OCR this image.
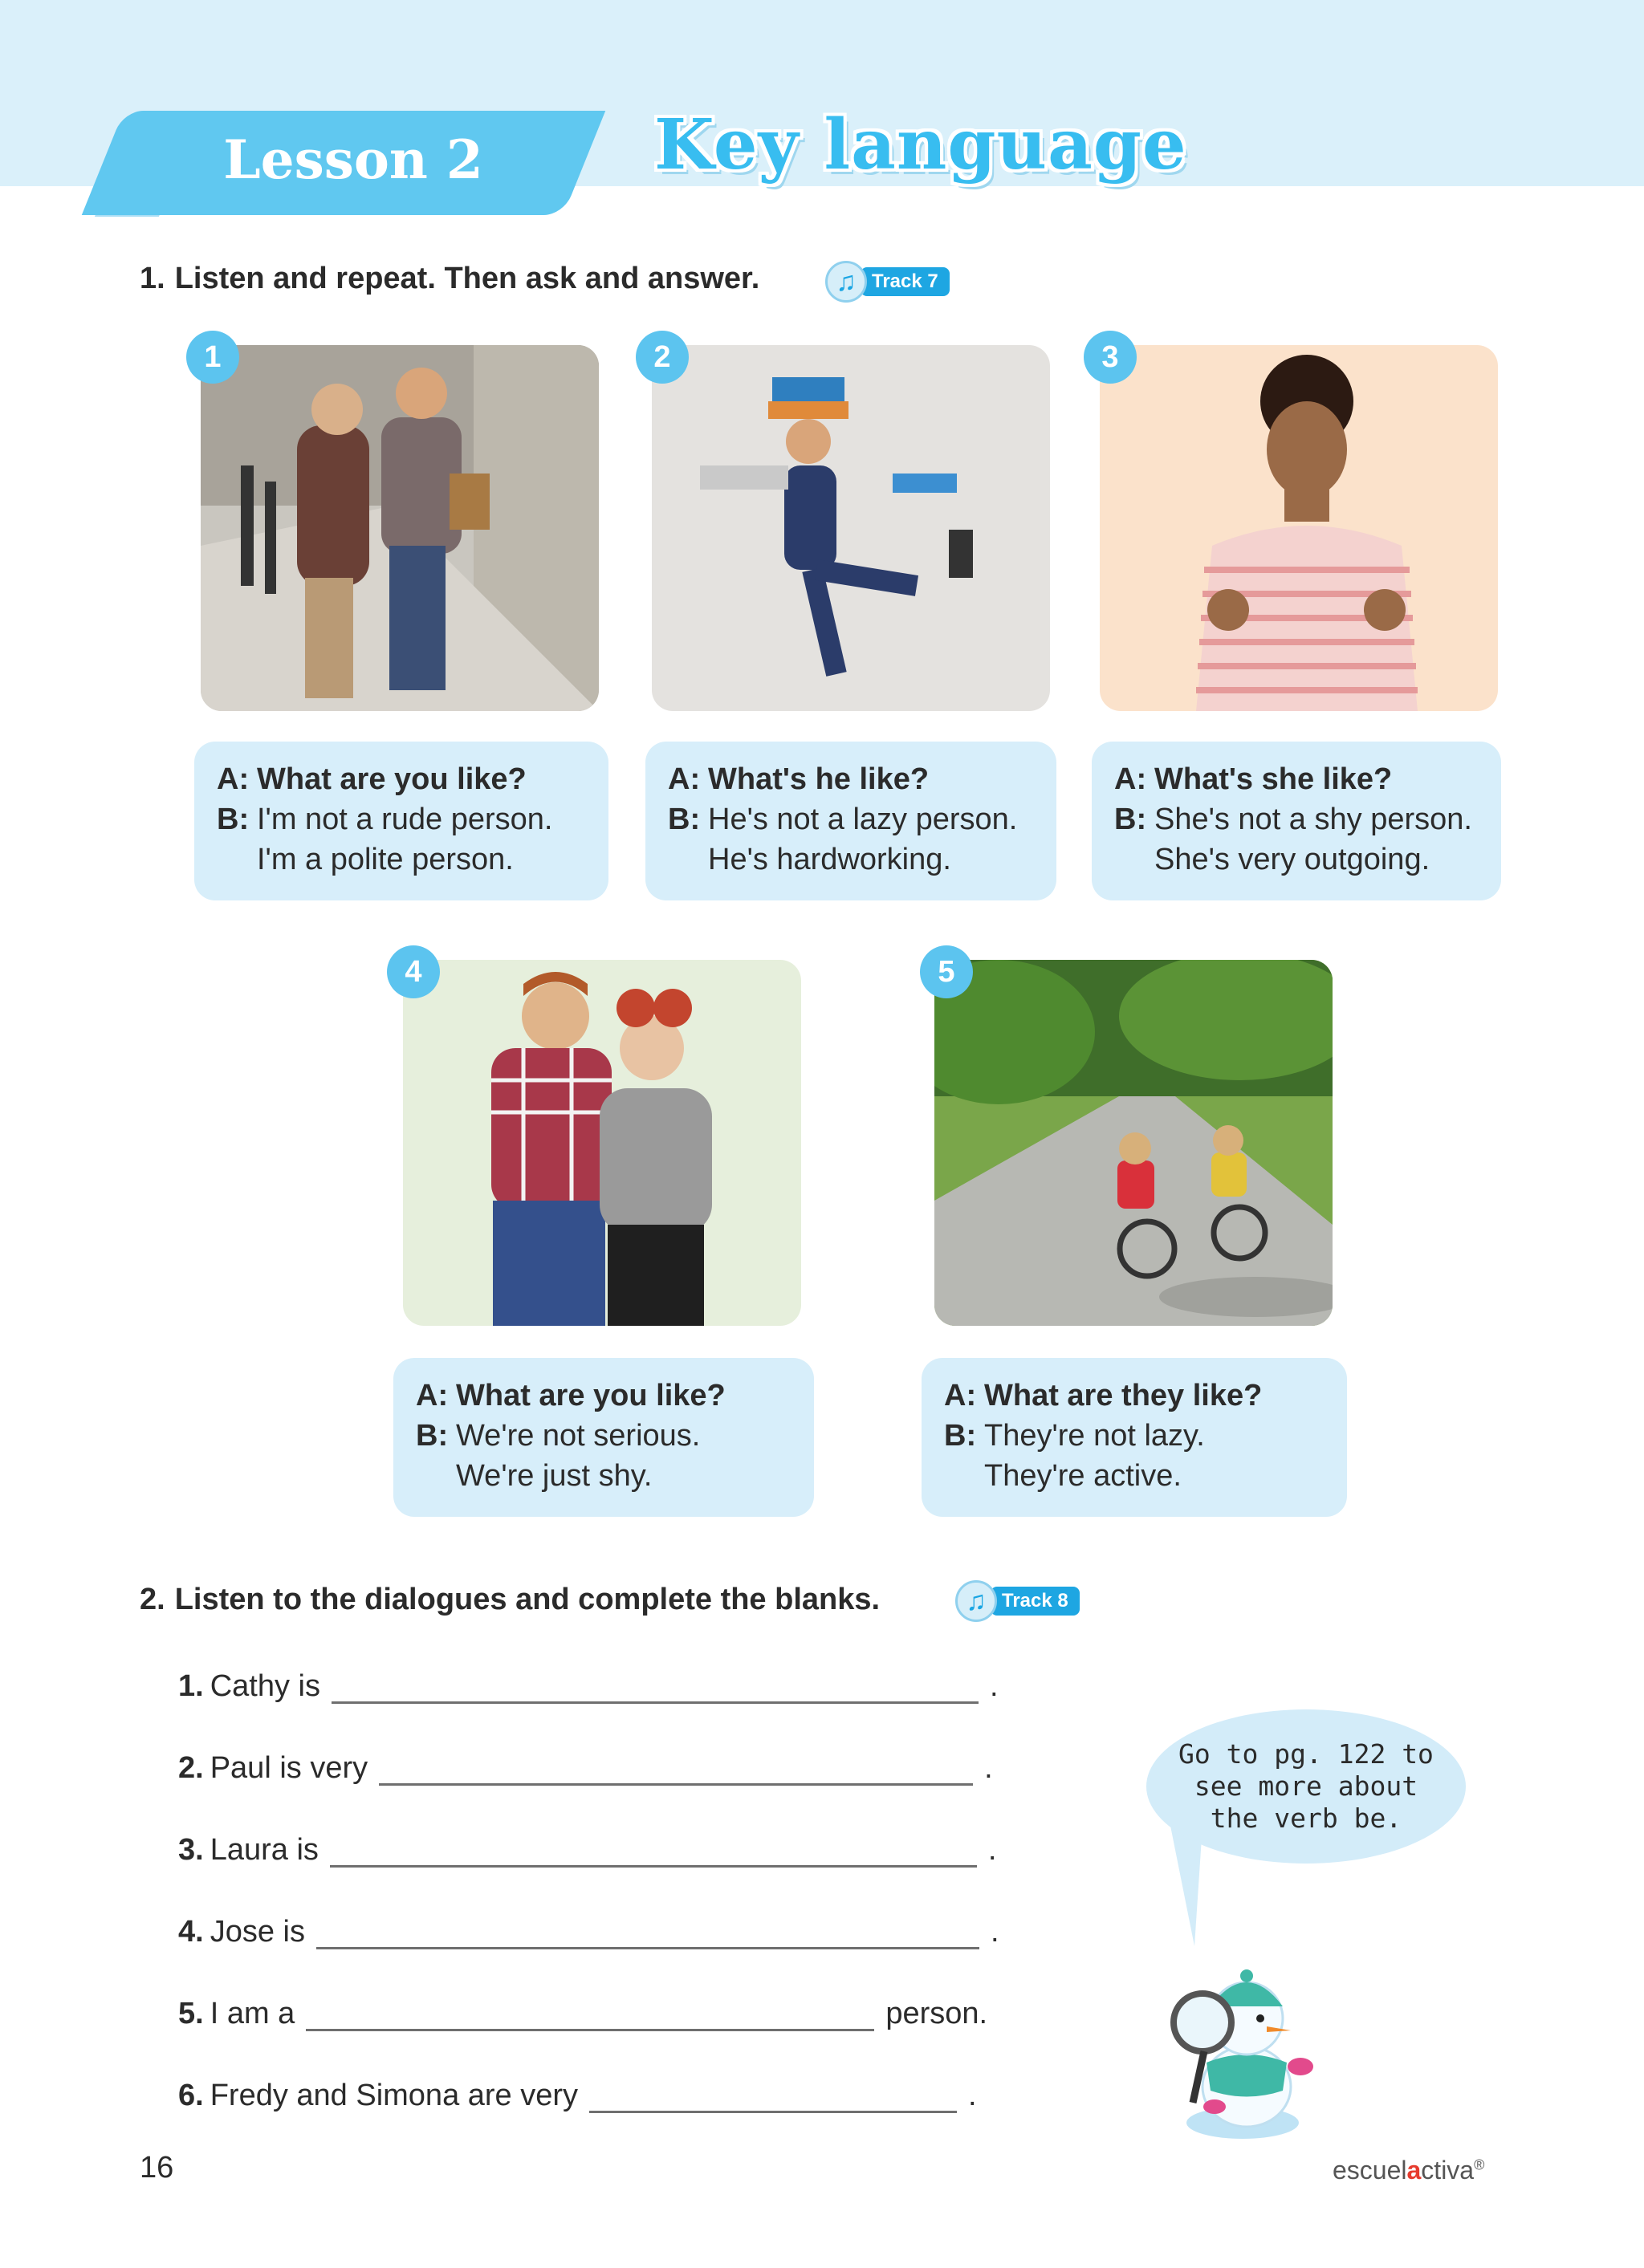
Lesson 2	Key language
1. Listen and repeat. Then ask and answer.	♫ Track 7
1	2	3
A: What are you like?
B: I'm not a rude person.
I'm a polite person.
A: What's he like?
B: He's not a lazy person.
He's hardworking.
A: What's she like?
B: She's not a shy person.
She's very outgoing.
4	5
A: What are you like?
B: We're not serious.
We're just shy.
A: What are they like?
B: They're not lazy.
They're active.
2. Listen to the dialogues and complete the blanks.	♫ Track 8
1. Cathy is	.
2. Paul is very	.
3. Laura is	.
4. Jose is	.
5. I am a	person.
6. Fredy and Simona are very	.
Go to pg. 122 to
see more about
the verb be.
16	escuelactiva®
